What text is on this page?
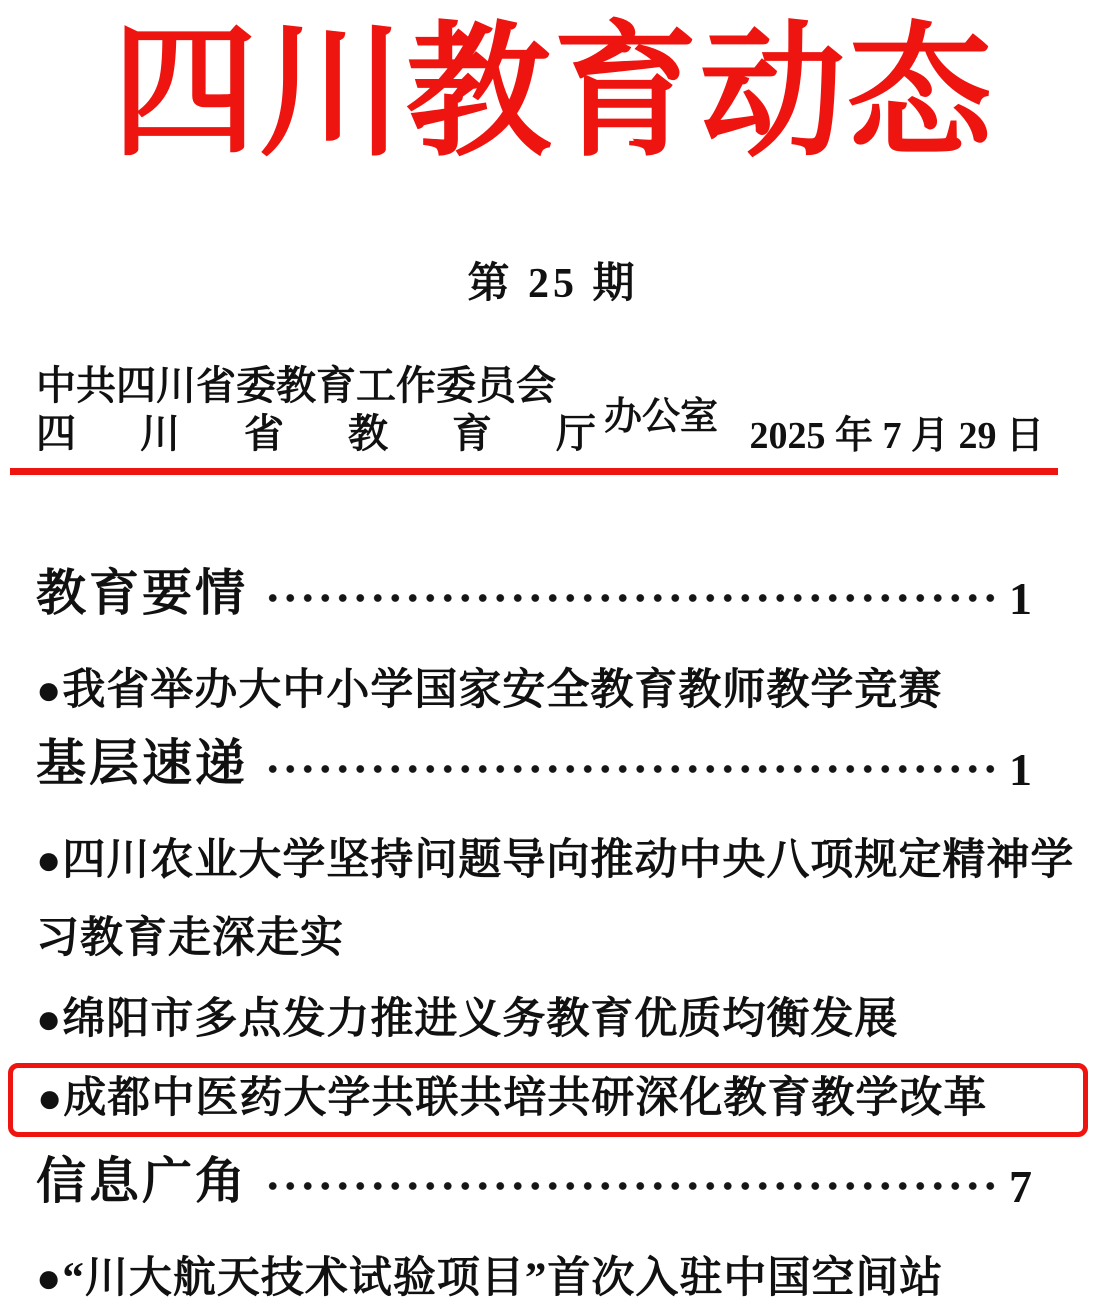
四川教育动态
第 25 期
中共四川省委教育工作委员会
四 川 省 教 育 厅 办公室 2025 年 7 月 29 日
教育要情	1
●我省举办大中小学国家安全教育教师教学竞赛
基层速递	1
●四川农业大学坚持问题导向推动中央八项规定精神学习教育走深走实
●绵阳市多点发力推进义务教育优质均衡发展
●成都中医药大学共联共培共研深化教育教学改革
信息广角	7
●“川大航天技术试验项目”首次入驻中国空间站
